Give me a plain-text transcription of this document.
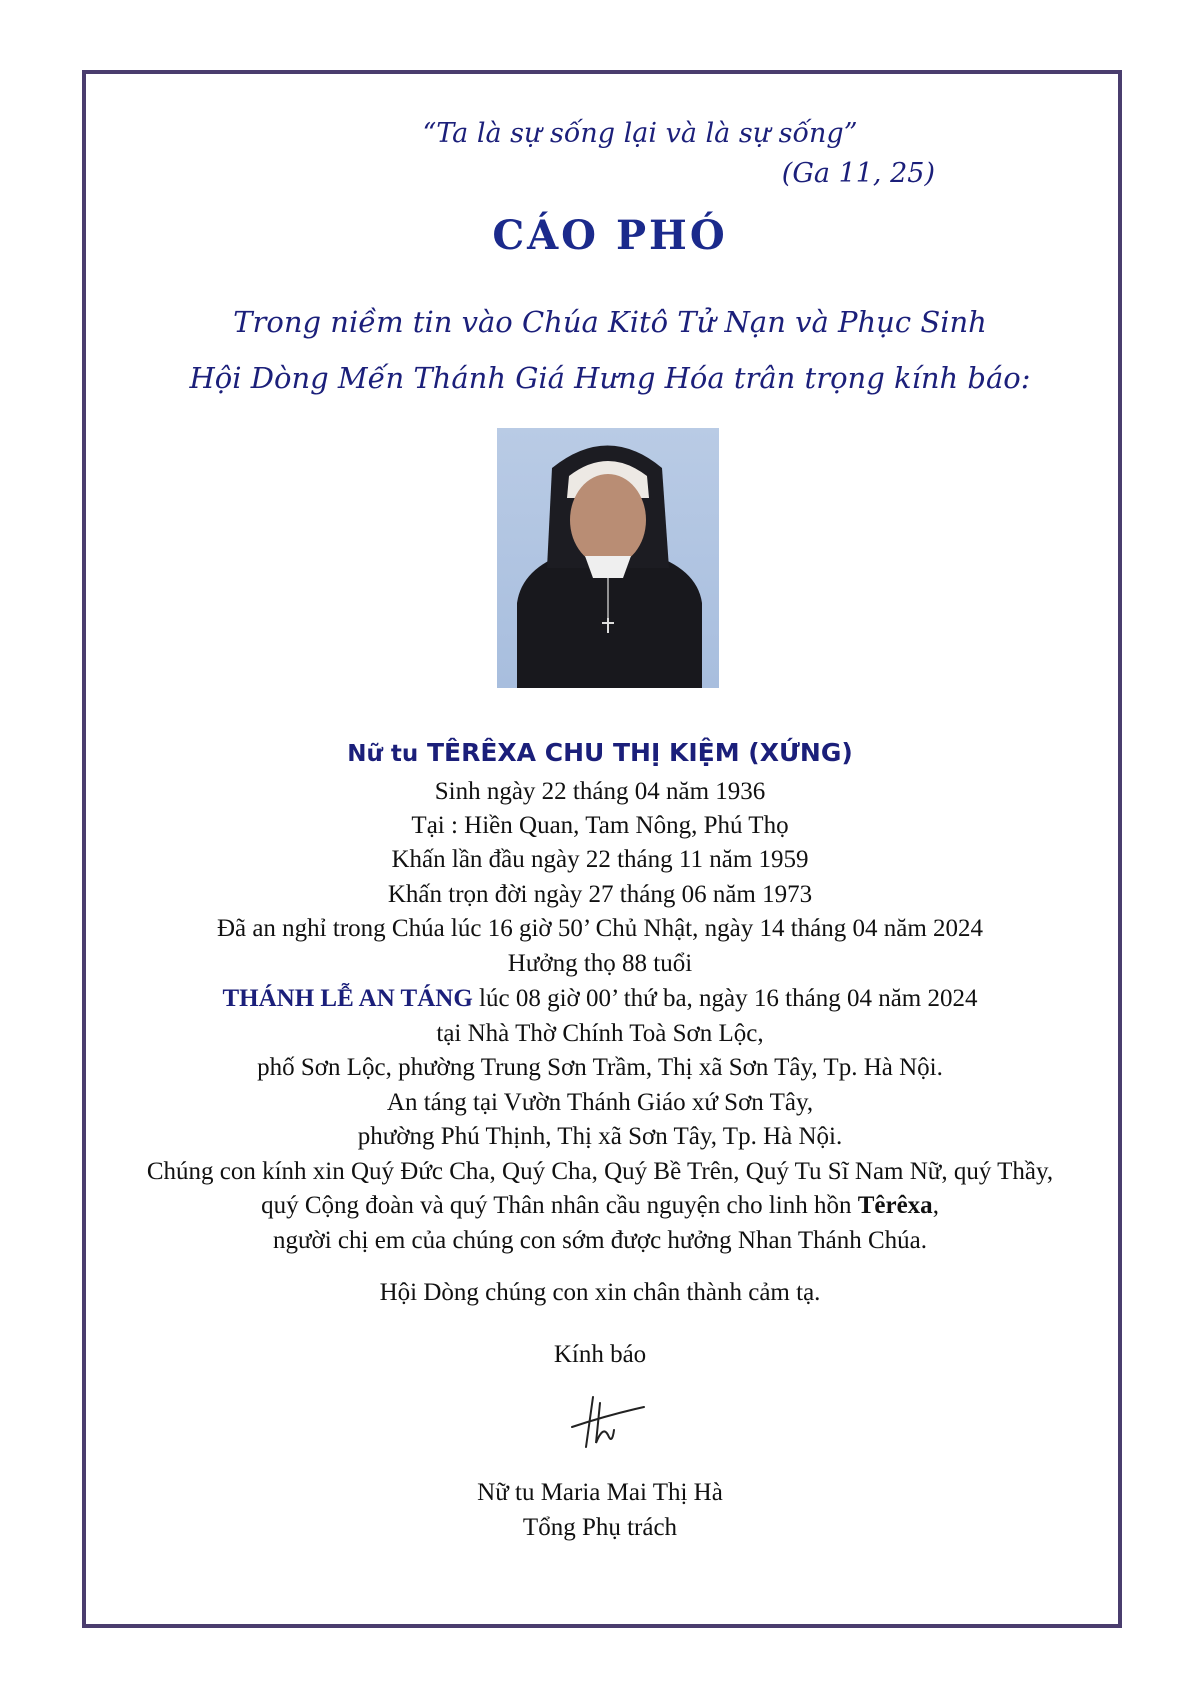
“Ta là sự sống lại và là sự sống”
(Ga 11, 25)
CÁO PHÓ
Trong niềm tin vào Chúa Kitô Tử Nạn và Phục Sinh
Hội Dòng Mến Thánh Giá Hưng Hóa trân trọng kính báo:
Nữ tu TÊRÊXA CHU THỊ KIỆM (XỨNG)
Sinh ngày 22 tháng 04 năm 1936
Tại : Hiền Quan, Tam Nông, Phú Thọ
Khấn lần đầu ngày 22 tháng 11 năm 1959
Khấn trọn đời ngày 27 tháng 06 năm 1973
Đã an nghỉ trong Chúa lúc 16 giờ 50’ Chủ Nhật, ngày 14 tháng 04 năm 2024
Hưởng thọ 88 tuổi
THÁNH LỄ AN TÁNG lúc 08 giờ 00’ thứ ba, ngày 16 tháng 04 năm 2024
tại Nhà Thờ Chính Toà Sơn Lộc,
phố Sơn Lộc, phường Trung Sơn Trầm, Thị xã Sơn Tây, Tp. Hà Nội.
An táng tại Vườn Thánh Giáo xứ Sơn Tây,
phường Phú Thịnh, Thị xã Sơn Tây, Tp. Hà Nội.
Chúng con kính xin Quý Đức Cha, Quý Cha, Quý Bề Trên, Quý Tu Sĩ Nam Nữ, quý Thầy,
quý Cộng đoàn và quý Thân nhân cầu nguyện cho linh hồn Têrêxa,
người chị em của chúng con sớm được hưởng Nhan Thánh Chúa.
Hội Dòng chúng con xin chân thành cảm tạ.
Kính báo
Nữ tu Maria Mai Thị Hà
Tổng Phụ trách
